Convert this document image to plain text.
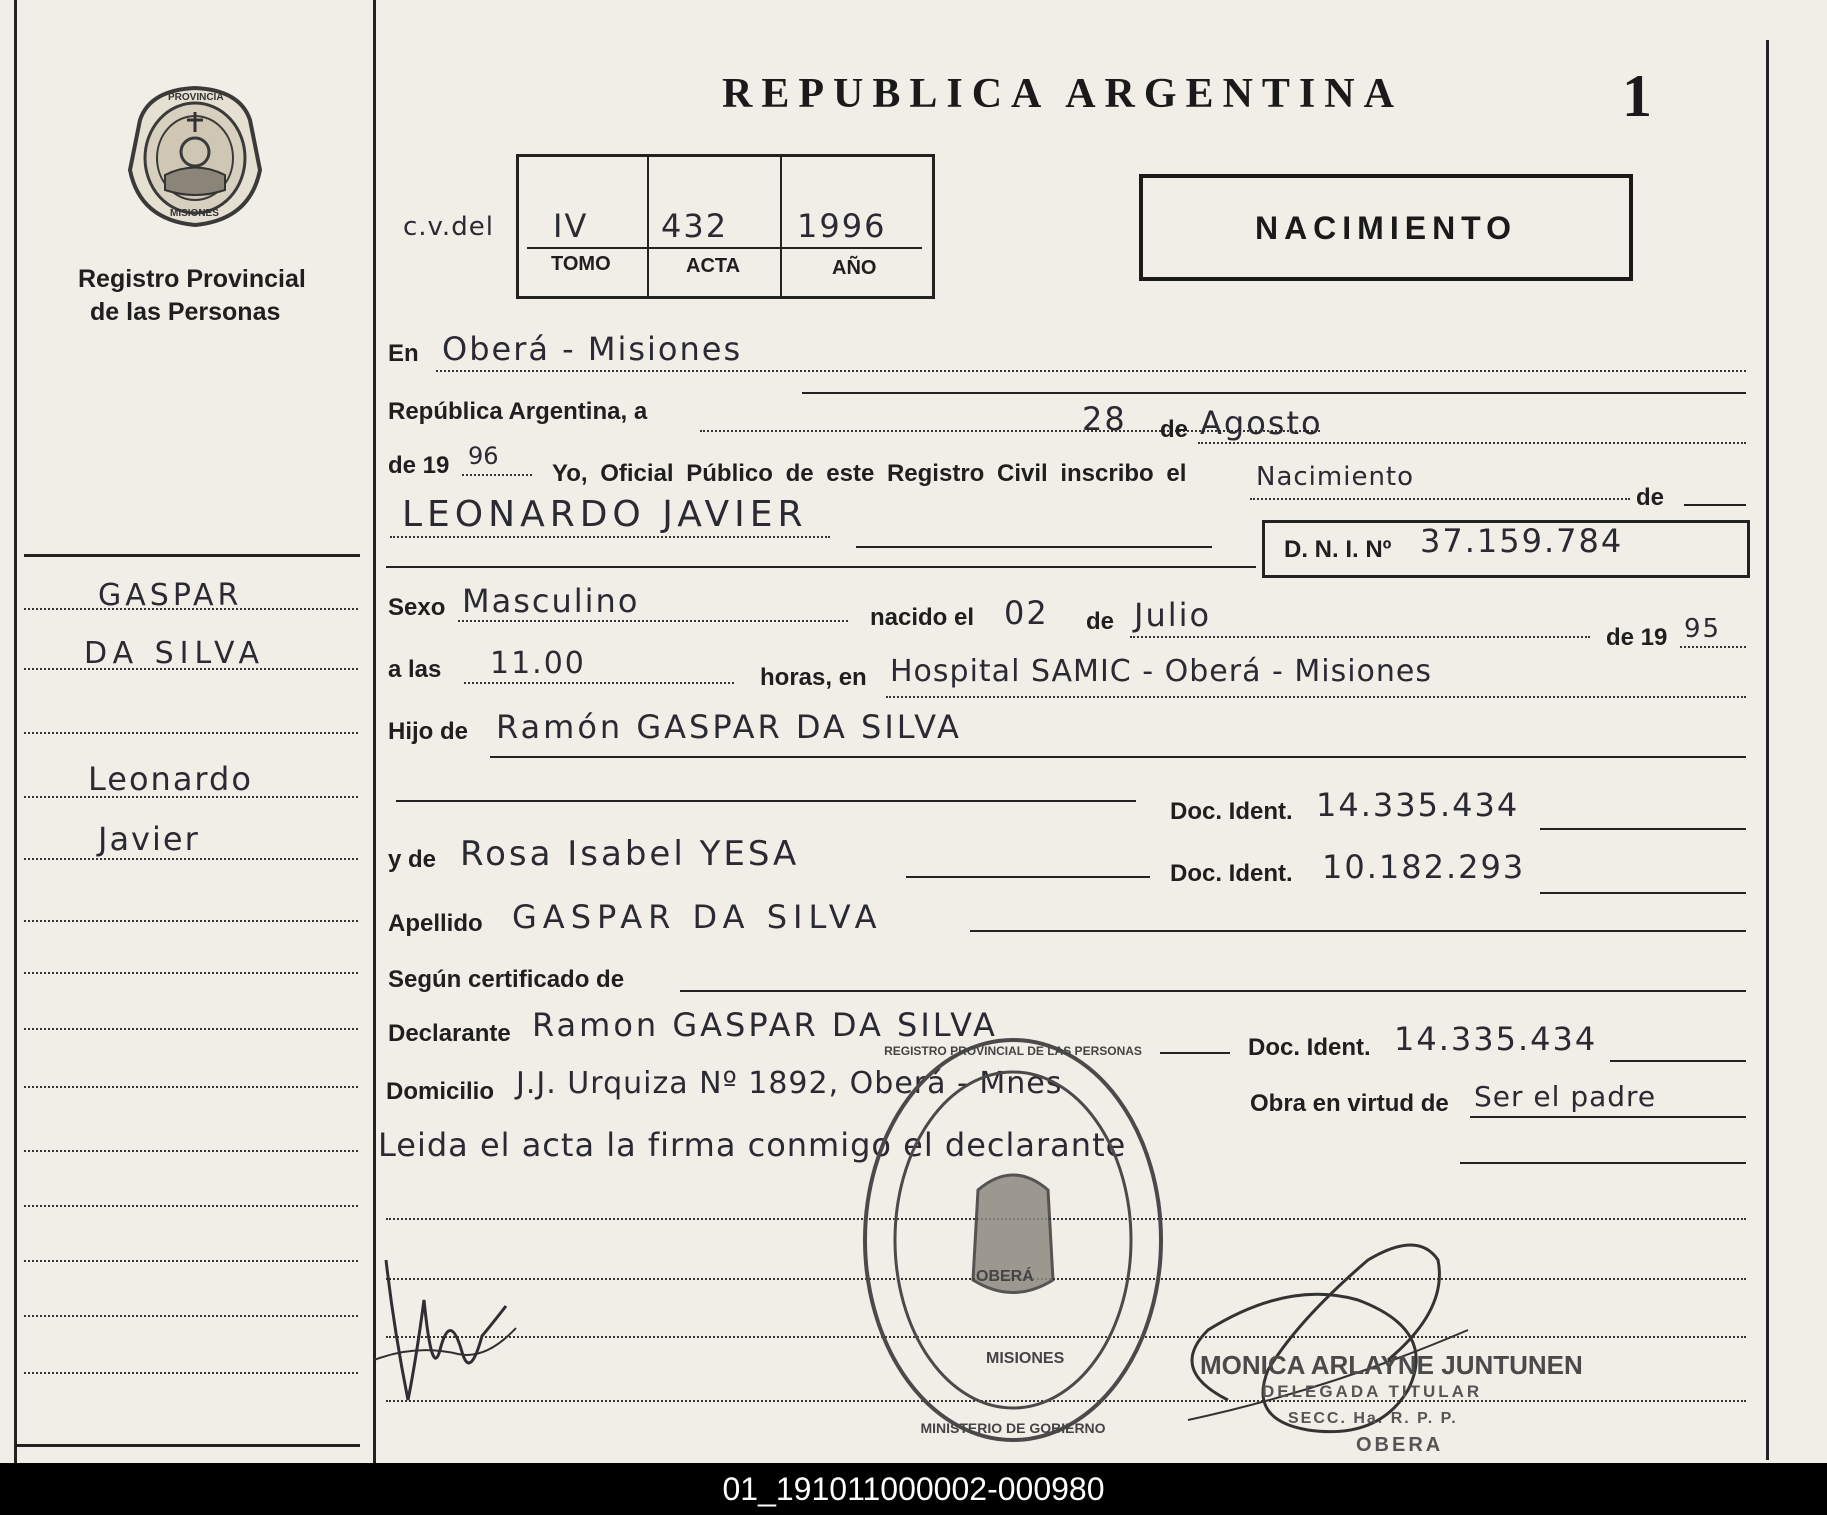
PROVINCIA
MISIONES
Registro Provincial
de las Personas
REPUBLICA ARGENTINA	1
c.v.del IV 432 1996
TOMO	ACTA	AÑO
NACIMIENTO
GASPAR
DA SILVA
Leonardo
Javier
En Oberá - Misiones
República Argentina, a	28 de Agosto
de 19 96
Yo, Oficial Público de este Registro Civil inscribo el	Nacimiento
de
LEONARDO JAVIER
D. N. I. Nº 37.159.784
Sexo Masculino	nacido el 02 de Julio
de 19 95
a las 11.00	horas, en Hospital SAMIC - Oberá - Misiones
Hijo de Ramón GASPAR DA SILVA
Doc. Ident. 14.335.434
y de Rosa Isabel YESA	Doc. Ident. 10.182.293
Apellido GASPAR DA SILVA
Según certificado de
Declarante Ramon GASPAR DA SILVA
Doc. Ident. 14.335.434
Domicilio J.J. Urquiza Nº 1892, Oberá - Mnes
Obra en virtud de Ser el padre
Leida el acta la firma conmigo el declarante
OBERÁ
MISIONES
REGISTRO PROVINCIAL DE LAS PERSONAS
MINISTERIO DE GOBIERNO
MONICA ARLAYNE JUNTUNEN
DELEGADA TITULAR
SECC. Ha. R. P. P.
OBERA
01_191011000002-000980
